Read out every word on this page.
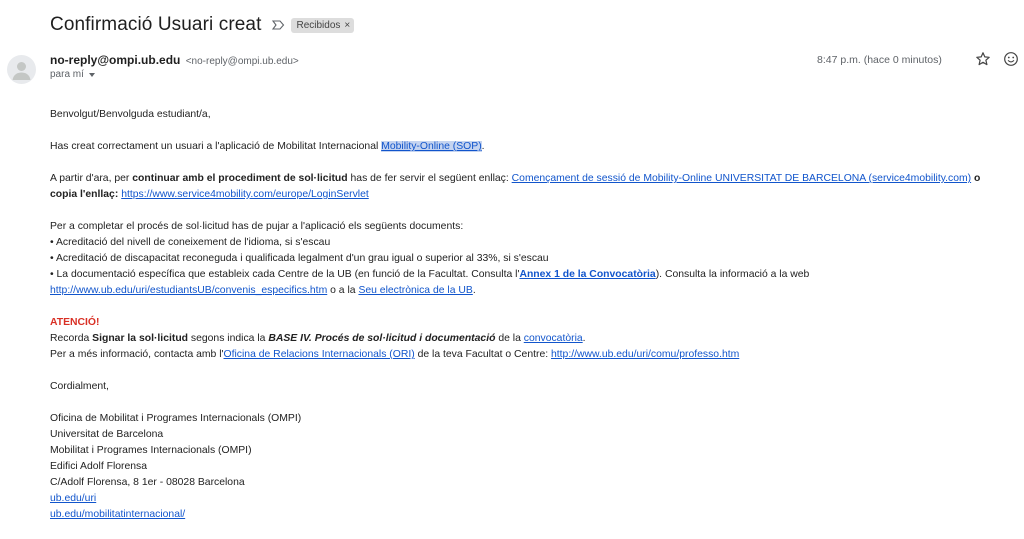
Confirmació Usuari creat	Recibidos ×
no-reply@ompi.ub.edu <no-reply@ompi.ub.edu>
para mí
8:47 p.m. (hace 0 minutos)

Benvolgut/Benvolguda estudiant/a,

Has creat correctament un usuari a l'aplicació de Mobilitat Internacional Mobility-Online (SOP).

A partir d'ara, per continuar amb el procediment de sol·licitud has de fer servir el següent enllaç: Començament de sessió de Mobility-Online UNIVERSITAT DE BARCELONA (service4mobility.com) o copia l'enllaç: https://www.service4mobility.com/europe/LoginServlet

Per a completar el procés de sol·licitud has de pujar a l'aplicació els següents documents:

• Acreditació del nivell de coneixement de l'idioma, si s'escau

• Acreditació de discapacitat reconeguda i qualificada legalment d'un grau igual o superior al 33%, si s'escau

• La documentació específica que estableix cada Centre de la UB (en funció de la Facultat. Consulta l'Annex 1 de la Convocatòria). Consulta la informació a la web http://www.ub.edu/uri/estudiantsUB/convenis_especifics.htm o a la Seu electrònica de la UB.

ATENCIÓ!

Recorda Signar la sol·licitud segons indica la BASE IV. Procés de sol·licitud i documentació de la convocatòria.

Per a més informació, contacta amb l'Oficina de Relacions Internacionals (ORI) de la teva Facultat o Centre: http://www.ub.edu/uri/comu/professo.htm

Cordialment,

Oficina de Mobilitat i Programes Internacionals (OMPI)

Universitat de Barcelona

Mobilitat i Programes Internacionals (OMPI)

Edifici Adolf Florensa

C/Adolf Florensa, 8 1er - 08028 Barcelona

ub.edu/uri

ub.edu/mobilitatinternacional/
